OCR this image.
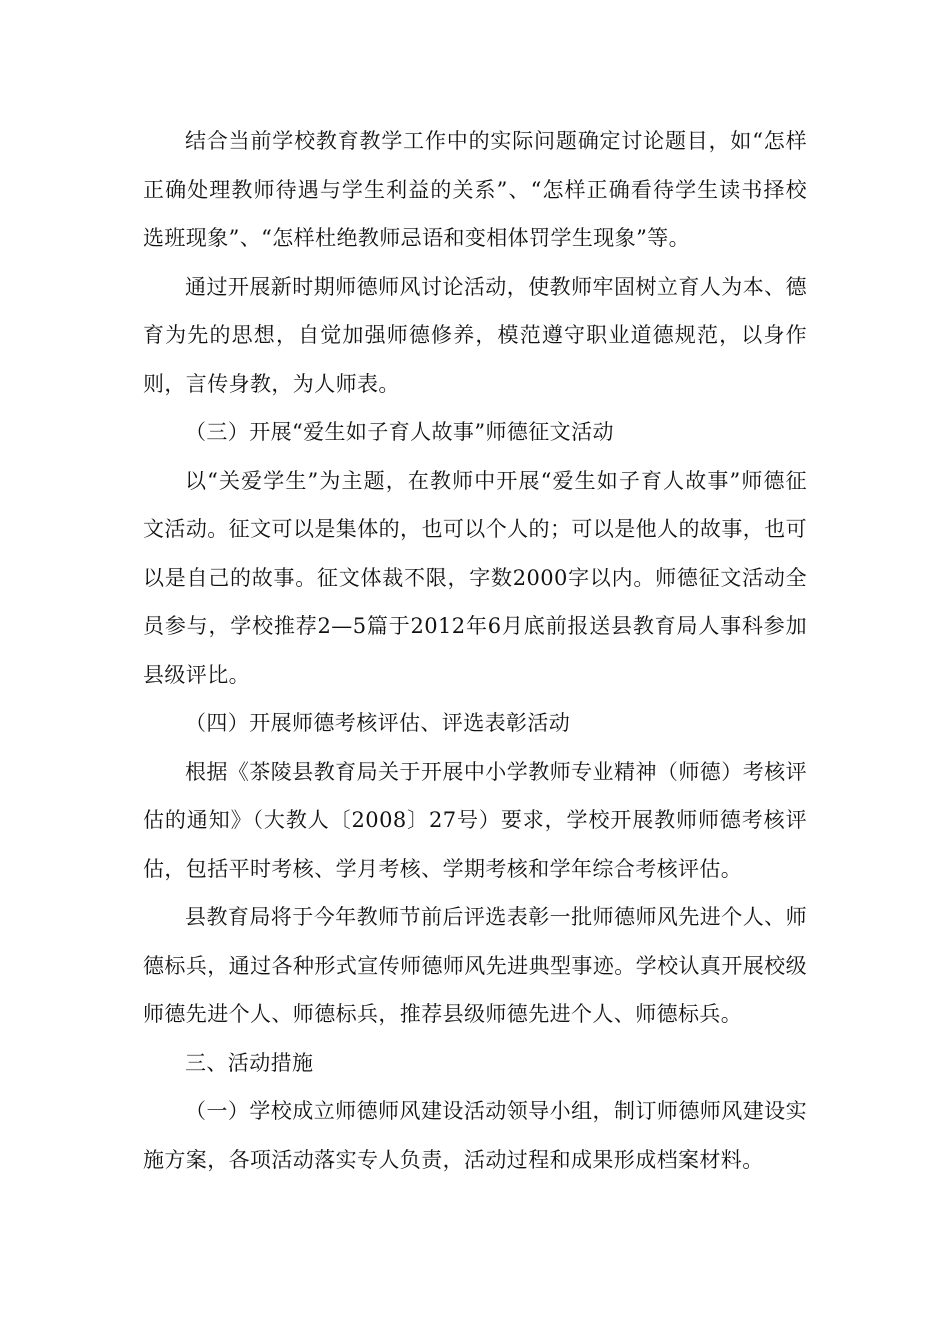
结合当前学校教育教学工作中的实际问题确定讨论题目，如“怎样正确处理教师待遇与学生利益的关系”、“怎样正确看待学生读书择校选班现象”、“怎样杜绝教师忌语和变相体罚学生现象”等。

通过开展新时期师德师风讨论活动，使教师牢固树立育人为本、德育为先的思想，自觉加强师德修养，模范遵守职业道德规范，以身作则，言传身教，为人师表。

（三）开展“爱生如子育人故事”师德征文活动

以“关爱学生”为主题，在教师中开展“爱生如子育人故事”师德征文活动。征文可以是集体的，也可以个人的；可以是他人的故事，也可以是自己的故事。征文体裁不限，字数2000字以内。师德征文活动全员参与，学校推荐2—5篇于2012年6月底前报送县教育局人事科参加县级评比。

（四）开展师德考核评估、评选表彰活动

根据《茶陵县教育局关于开展中小学教师专业精神（师德）考核评估的通知》（大教人〔2008〕27号）要求，学校开展教师师德考核评估，包括平时考核、学月考核、学期考核和学年综合考核评估。

县教育局将于今年教师节前后评选表彰一批师德师风先进个人、师德标兵，通过各种形式宣传师德师风先进典型事迹。学校认真开展校级师德先进个人、师德标兵，推荐县级师德先进个人、师德标兵。

三、活动措施

（一）学校成立师德师风建设活动领导小组，制订师德师风建设实施方案，各项活动落实专人负责，活动过程和成果形成档案材料。
